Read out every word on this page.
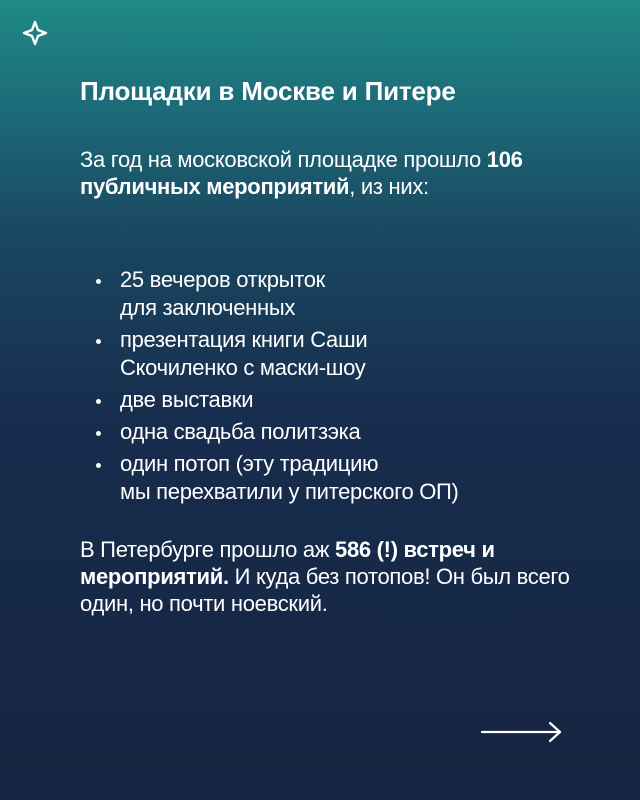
Площадки в Москве и Питере

За год на московской площадке прошло 106 публичных мероприятий, из них:

25 вечеров открыток
для заключенных
презентация книги Саши
Скочиленко с маски-шоу
две выставки
одна свадьба политзэка
один потоп (эту традицию
мы перехватили у питерского ОП)

В Петербурге прошло аж 586 (!) встреч и мероприятий. И куда без потопов! Он был всего один, но почти ноевский.
